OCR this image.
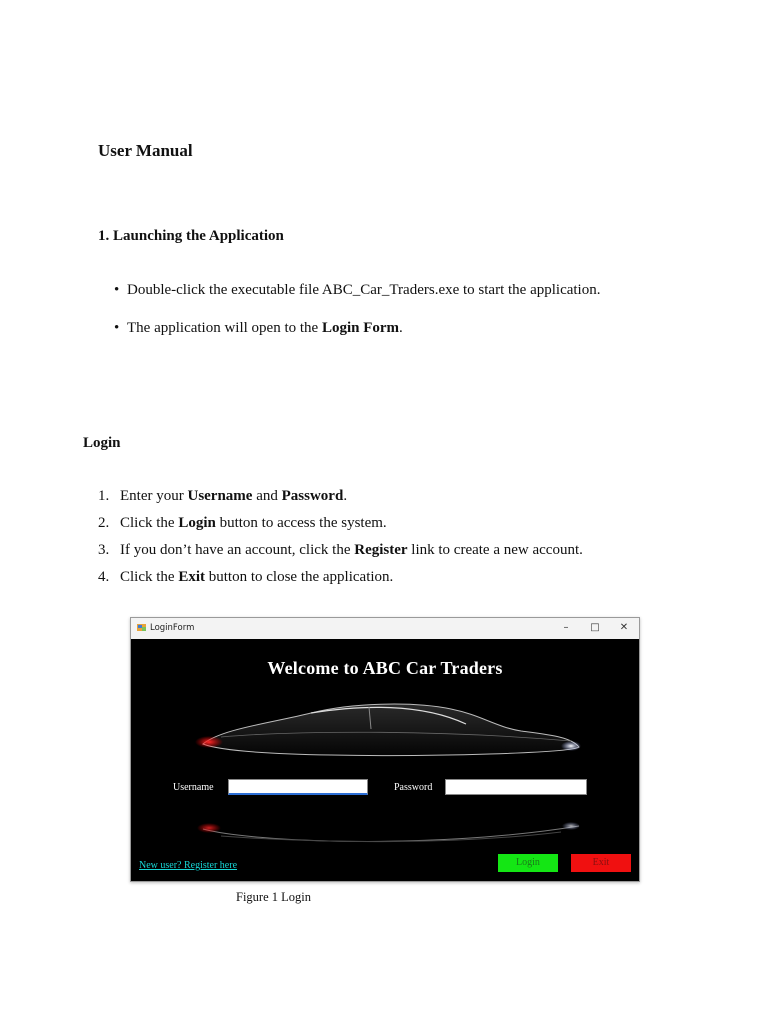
User Manual
1. Launching the Application
• Double-click the executable file ABC_Car_Traders.exe to start the application.
• The application will open to the Login Form.
Login
1. Enter your Username and Password.
2. Click the Login button to access the system.
3. If you don’t have an account, click the Register link to create a new account.
4. Click the Exit button to close the application.
LoginForm	–	□ ✕
Welcome to ABC Car Traders
Username	Password
New user? Register here	Login	Exit
Figure 1 Login
